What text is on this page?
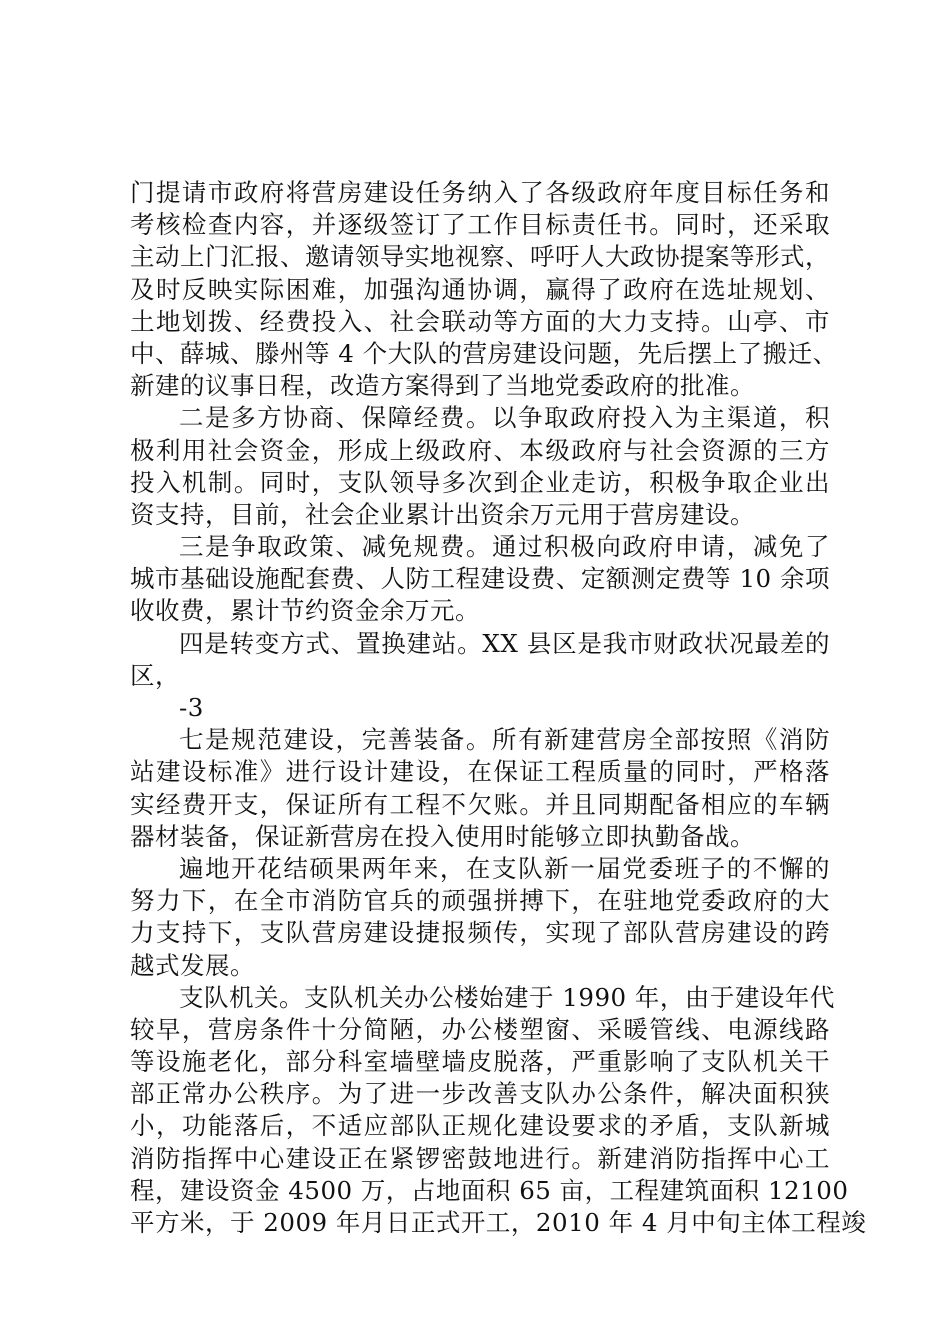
门提请市政府将营房建设任务纳入了各级政府年度目标任务和
考核检查内容，并逐级签订了工作目标责任书。同时，还采取
主动上门汇报、邀请领导实地视察、呼吁人大政协提案等形式，
及时反映实际困难，加强沟通协调，赢得了政府在选址规划、
土地划拨、经费投入、社会联动等方面的大力支持。山亭、市
中、薛城、滕州等 4 个大队的营房建设问题，先后摆上了搬迁、
新建的议事日程，改造方案得到了当地党委政府的批准。
二是多方协商、保障经费。以争取政府投入为主渠道，积
极利用社会资金，形成上级政府、本级政府与社会资源的三方
投入机制。同时，支队领导多次到企业走访，积极争取企业出
资支持，目前，社会企业累计出资余万元用于营房建设。
三是争取政策、减免规费。通过积极向政府申请，减免了
城市基础设施配套费、人防工程建设费、定额测定费等 10 余项
收收费，累计节约资金余万元。
四是转变方式、置换建站。XX 县区是我市财政状况最差的
区，
-3
七是规范建设，完善装备。所有新建营房全部按照《消防
站建设标准》进行设计建设，在保证工程质量的同时，严格落
实经费开支，保证所有工程不欠账。并且同期配备相应的车辆
器材装备，保证新营房在投入使用时能够立即执勤备战。
遍地开花结硕果两年来，在支队新一届党委班子的不懈的
努力下，在全市消防官兵的顽强拼搏下，在驻地党委政府的大
力支持下，支队营房建设捷报频传，实现了部队营房建设的跨
越式发展。
支队机关。支队机关办公楼始建于 1990 年，由于建设年代
较早，营房条件十分简陋，办公楼塑窗、采暖管线、电源线路
等设施老化，部分科室墙壁墙皮脱落，严重影响了支队机关干
部正常办公秩序。为了进一步改善支队办公条件，解决面积狭
小，功能落后，不适应部队正规化建设要求的矛盾，支队新城
消防指挥中心建设正在紧锣密鼓地进行。新建消防指挥中心工
程，建设资金 4500 万，占地面积 65 亩，工程建筑面积 12100
平方米，于 2009 年月日正式开工，2010 年 4 月中旬主体工程竣
